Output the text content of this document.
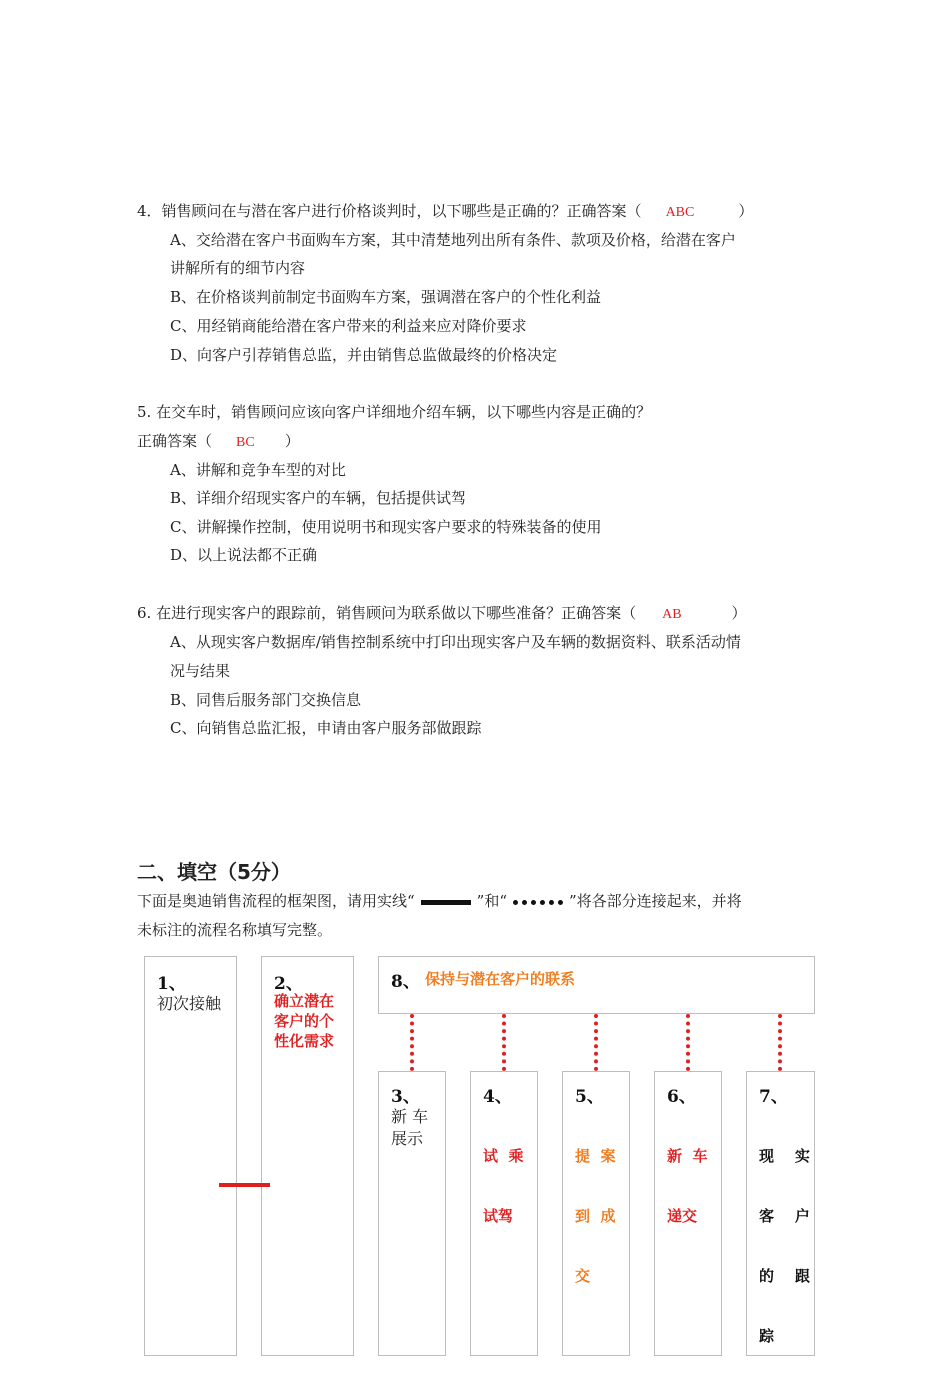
4．销售顾问在与潜在客户进行价格谈判时，以下哪些是正确的？正确答案（ ABC	）
A、交给潜在客户书面购车方案，其中清楚地列出所有条件、款项及价格，给潜在客户
讲解所有的细节内容
B、在价格谈判前制定书面购车方案，强调潜在客户的个性化利益
C、用经销商能给潜在客户带来的利益来应对降价要求
D、向客户引荐销售总监，并由销售总监做最终的价格决定
5. 在交车时，销售顾问应该向客户详细地介绍车辆，以下哪些内容是正确的？
正确答案（ BC ）
A、讲解和竞争车型的对比
B、详细介绍现实客户的车辆，包括提供试驾
C、讲解操作控制，使用说明书和现实客户要求的特殊装备的使用
D、以上说法都不正确
6. 在进行现实客户的跟踪前，销售顾问为联系做以下哪些准备？正确答案（ AB	）
A、从现实客户数据库/销售控制系统中打印出现实客户及车辆的数据资料、联系活动情
况与结果
B、同售后服务部门交换信息
C、向销售总监汇报，申请由客户服务部做跟踪
二、填空（5分）
下面是奥迪销售流程的框架图，请用实线“	”和“	”将各部分连接起来，并将
未标注的流程名称填写完整。
1、
初次接触
2、
确立潜在
客户的个
性化需求
8、 保持与潜在客户的联系
3、
新 车
展示
4、

试  乘

试驾

5、

提  案

到  成

交

6、

新  车

递交

7、

现    实

客    户

的    跟

踪
